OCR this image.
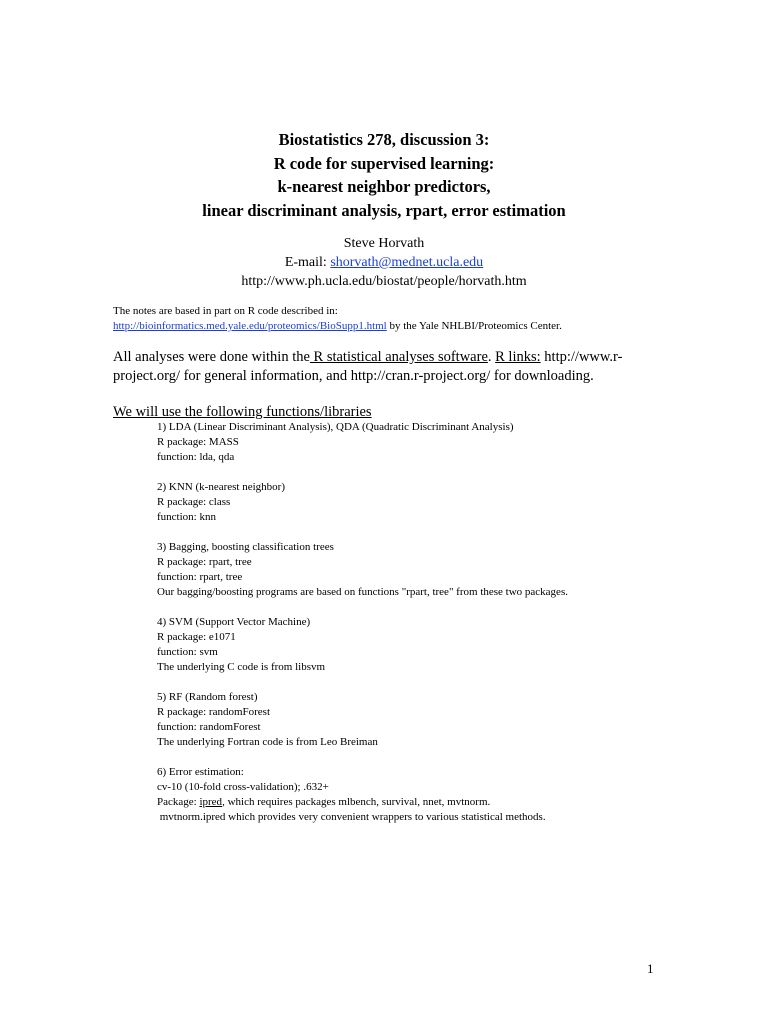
Biostatistics 278, discussion 3:
R code for supervised learning:
k-nearest neighbor predictors,
linear discriminant analysis, rpart, error estimation
Steve Horvath
E-mail: shorvath@mednet.ucla.edu
http://www.ph.ucla.edu/biostat/people/horvath.htm
The notes are based in part on R code described in:
http://bioinformatics.med.yale.edu/proteomics/BioSupp1.html by the Yale NHLBI/Proteomics Center.
All analyses were done within the R statistical analyses software. R links: http://www.r-project.org/ for general information, and http://cran.r-project.org/ for downloading.
We will use the following functions/libraries
1) LDA (Linear Discriminant Analysis), QDA (Quadratic Discriminant Analysis)
R package: MASS
function: lda, qda
2) KNN (k-nearest neighbor)
R package: class
function: knn
3) Bagging, boosting classification trees
R package: rpart, tree
function: rpart, tree
Our bagging/boosting programs are based on functions "rpart, tree" from these two packages.
4) SVM (Support Vector Machine)
R package: e1071
function: svm
The underlying C code is from libsvm
5) RF (Random forest)
R package: randomForest
function: randomForest
The underlying Fortran code is from Leo Breiman
6) Error estimation:
cv-10 (10-fold cross-validation); .632+
Package: ipred, which requires packages mlbench, survival, nnet, mvtnorm.
mvtnorm.ipred which provides very convenient wrappers to various statistical methods.
1
